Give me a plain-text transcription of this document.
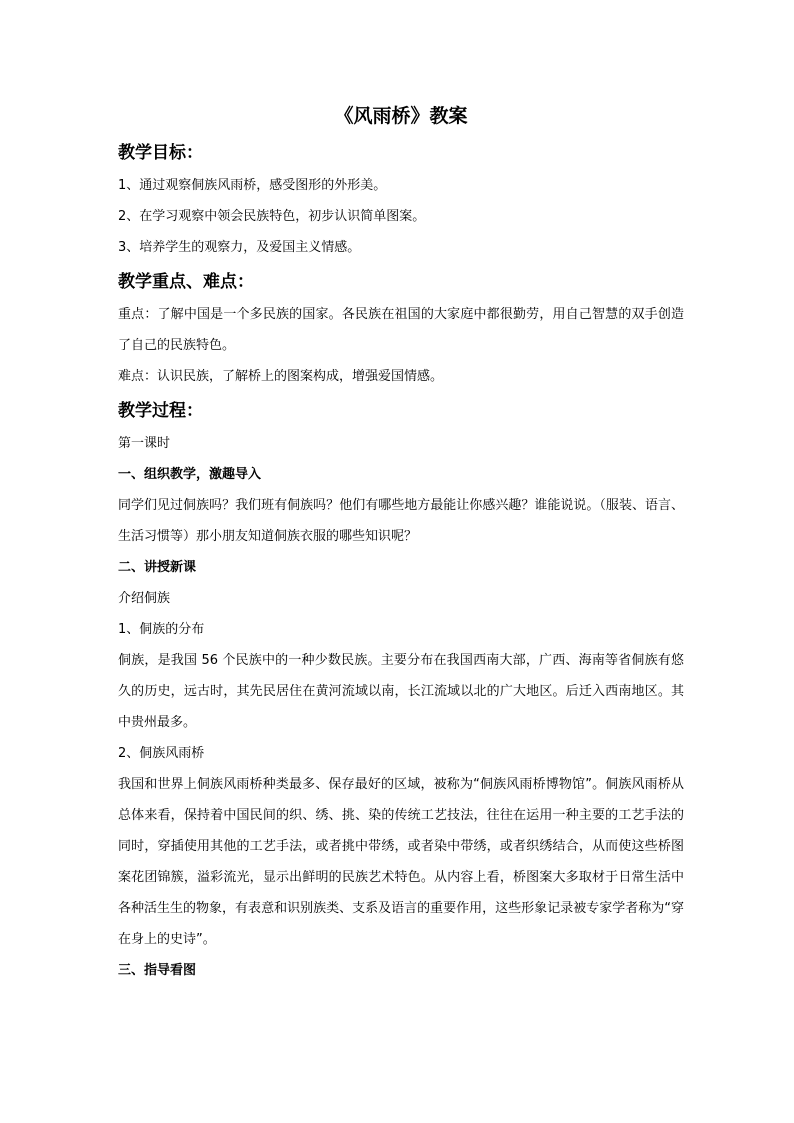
《风雨桥》教案
教学目标：

1、通过观察侗族风雨桥，感受图形的外形美。

2、在学习观察中领会民族特色，初步认识简单图案。

3、培养学生的观察力，及爱国主义情感。

教学重点、难点：

重点：了解中国是一个多民族的国家。各民族在祖国的大家庭中都很勤劳，用自己智慧的双手创造了自己的民族特色。

难点：认识民族，了解桥上的图案构成，增强爱国情感。

教学过程：

第一课时

一、组织教学，激趣导入

同学们见过侗族吗？我们班有侗族吗？他们有哪些地方最能让你感兴趣？谁能说说。（服装、语言、生活习惯等）那小朋友知道侗族衣服的哪些知识呢？

二、讲授新课

介绍侗族

1、侗族的分布

侗族，是我国 56 个民族中的一种少数民族。主要分布在我国西南大部，广西、海南等省侗族有悠久的历史，远古时，其先民居住在黄河流域以南，长江流域以北的广大地区。后迁入西南地区。其中贵州最多。

2、侗族风雨桥

我国和世界上侗族风雨桥种类最多、保存最好的区域，被称为“侗族风雨桥博物馆”。侗族风雨桥从总体来看，保持着中国民间的织、绣、挑、染的传统工艺技法，往往在运用一种主要的工艺手法的同时，穿插使用其他的工艺手法，或者挑中带绣，或者染中带绣，或者织绣结合，从而使这些桥图案花团锦簇，溢彩流光，显示出鲜明的民族艺术特色。从内容上看，桥图案大多取材于日常生活中各种活生生的物象，有表意和识别族类、支系及语言的重要作用，这些形象记录被专家学者称为“穿在身上的史诗”。

三、指导看图
